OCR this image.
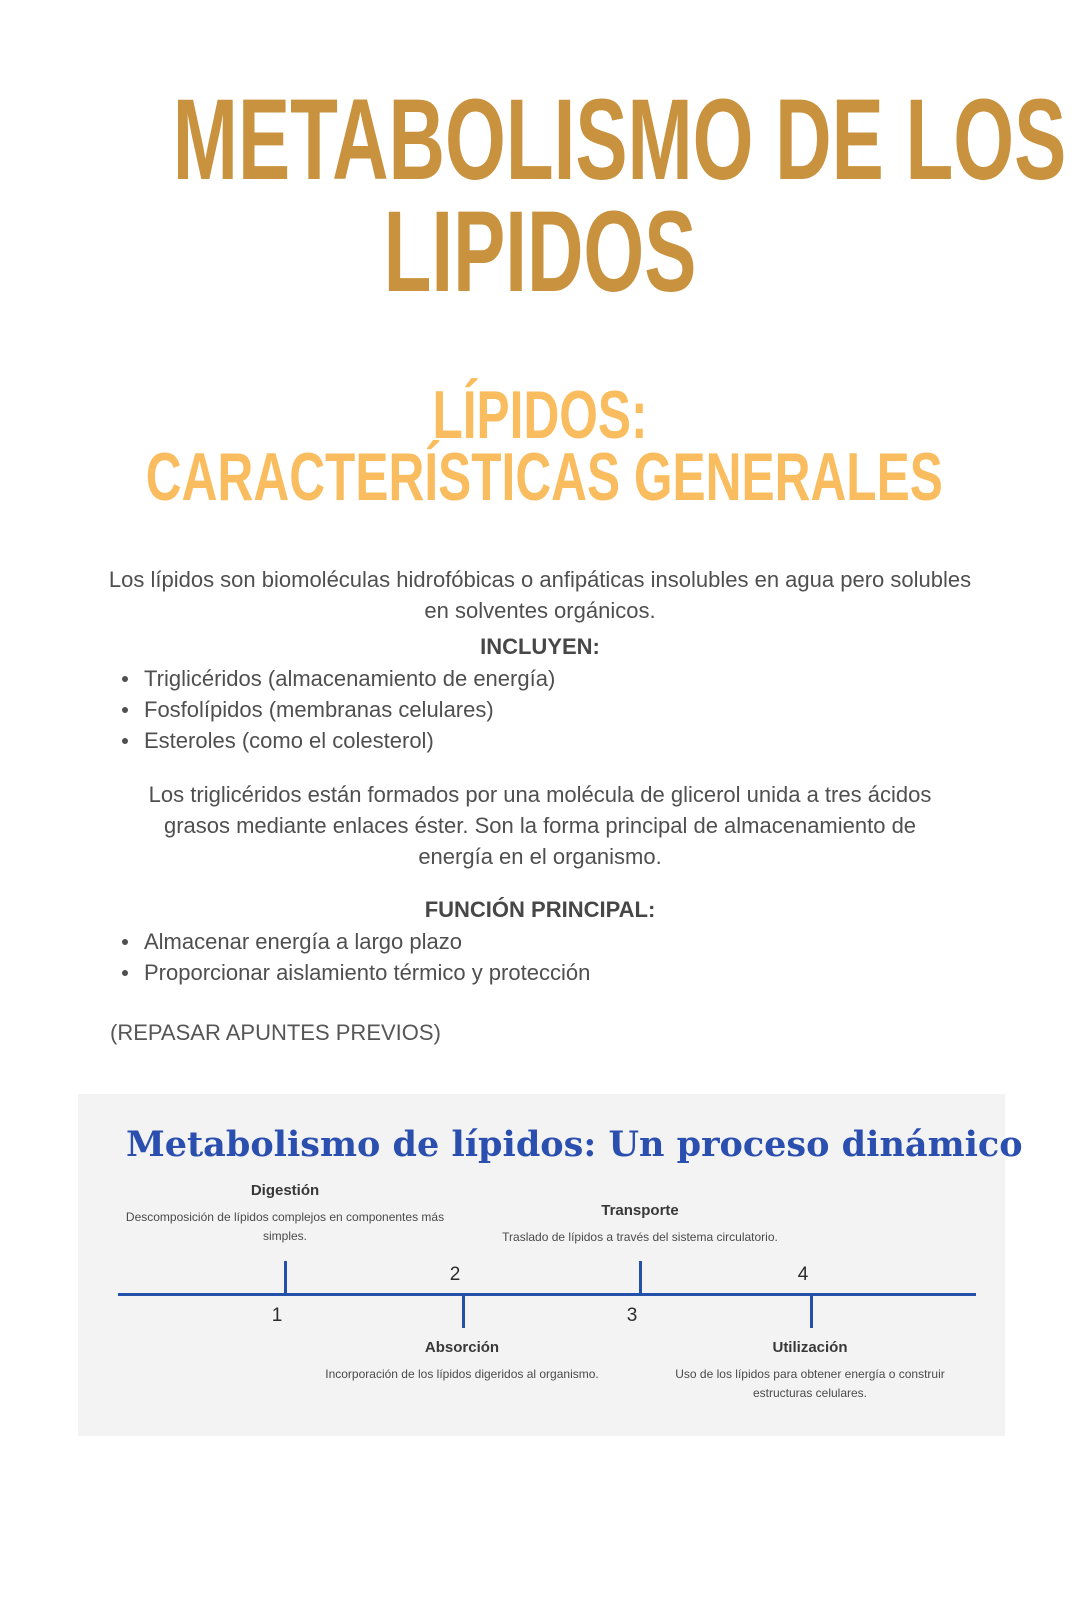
METABOLISMO DE LOS
LIPIDOS
LÍPIDOS:
CARACTERÍSTICAS GENERALES

Los lípidos son biomoléculas hidrofóbicas o anfipáticas insolubles en agua pero solubles en solventes orgánicos.

INCLUYEN:
Triglicéridos (almacenamiento de energía)
Fosfolípidos (membranas celulares)
Esteroles (como el colesterol)

Los triglicéridos están formados por una molécula de glicerol unida a tres ácidos grasos mediante enlaces éster. Son la forma principal de almacenamiento de energía en el organismo.

FUNCIÓN PRINCIPAL:
Almacenar energía a largo plazo
Proporcionar aislamiento térmico y protección

(REPASAR APUNTES PREVIOS)

Metabolismo de lípidos: Un proceso dinámico
Digestión
Descomposición de lípidos complejos en componentes más simples.
Transporte
Traslado de lípidos a través del sistema circulatorio.
1
2
3
4
Absorción
Incorporación de los lípidos digeridos al organismo.
Utilización
Uso de los lípidos para obtener energía o construir estructuras celulares.
